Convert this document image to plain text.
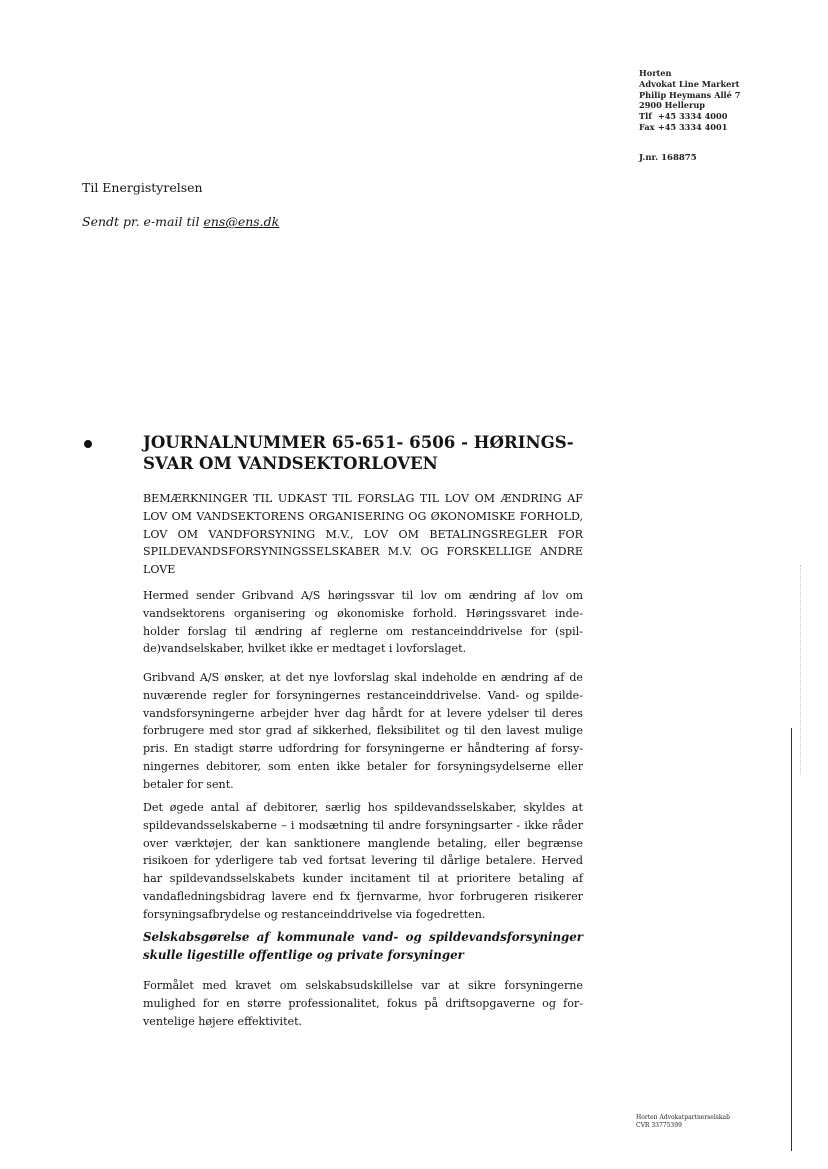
Horten
Advokat Line Markert
Philip Heymans Allé 7
2900 Hellerup
Tlf +45 3334 4000
Fax +45 3334 4001
J.nr. 168875
Til Energistyrelsen
Sendt pr. e-mail til ens@ens.dk
JOURNALNUMMER 65-651- 6506 - HØRINGSSVAR OM VANDSEKTORLOVEN
BEMÆRKNINGER TIL UDKAST TIL FORSLAG TIL LOV OM ÆNDRING AF LOV OM VANDSEKTORENS ORGANISERING OG ØKONOMISKE FORHOLD, LOV OM VANDFORSYNING M.V., LOV OM BETALINGSREGLER FOR SPILDEVANDSFORSYNINGSSELSKABER M.V. OG FORSKELLIGE ANDRE LOVE
Hermed sender Gribvand A/S høringssvar til lov om ændring af lov om vandsektorens organisering og økonomiske forhold. Høringssvaret indeholder forslag til ændring af reglerne om restanceinddrivelse for (spilde)vandselskaber, hvilket ikke er medtaget i lovforslaget.
Gribvand A/S ønsker, at det nye lovforslag skal indeholde en ændring af de nuværende regler for forsyningernes restanceinddrivelse. Vand- og spildevandsforsyningerne arbejder hver dag hårdt for at levere ydelser til deres forbrugere med stor grad af sikkerhed, fleksibilitet og til den lavest mulige pris. En stadigt større udfordring for forsyningerne er håndtering af forsyningernes debitorer, som enten ikke betaler for forsyningsydelserne eller betaler for sent.
Det øgede antal af debitorer, særlig hos spildevandsselskaber, skyldes at spildevandsselskaberne – i modsætning til andre forsyningsarter - ikke råder over værktøjer, der kan sanktionere manglende betaling, eller begrænse risikoen for yderligere tab ved fortsat levering til dårlige betalere. Herved har spildevandsselskabets kunder incitament til at prioritere betaling af vandafledningsbidrag lavere end fx fjernvarme, hvor forbrugeren risikerer forsyningsafbrydelse og restanceinddrivelse via fogedretten.
Selskabsgørelse af kommunale vand- og spildevandsforsyninger skulle ligestille offentlige og private forsyninger
Formålet med kravet om selskabsudskillelse var at sikre forsyningerne mulighed for en større professionalitet, fokus på driftsopgaverne og forventelige højere effektivitet.
Horten Advokatpartnerselskab
CVR 33775399
